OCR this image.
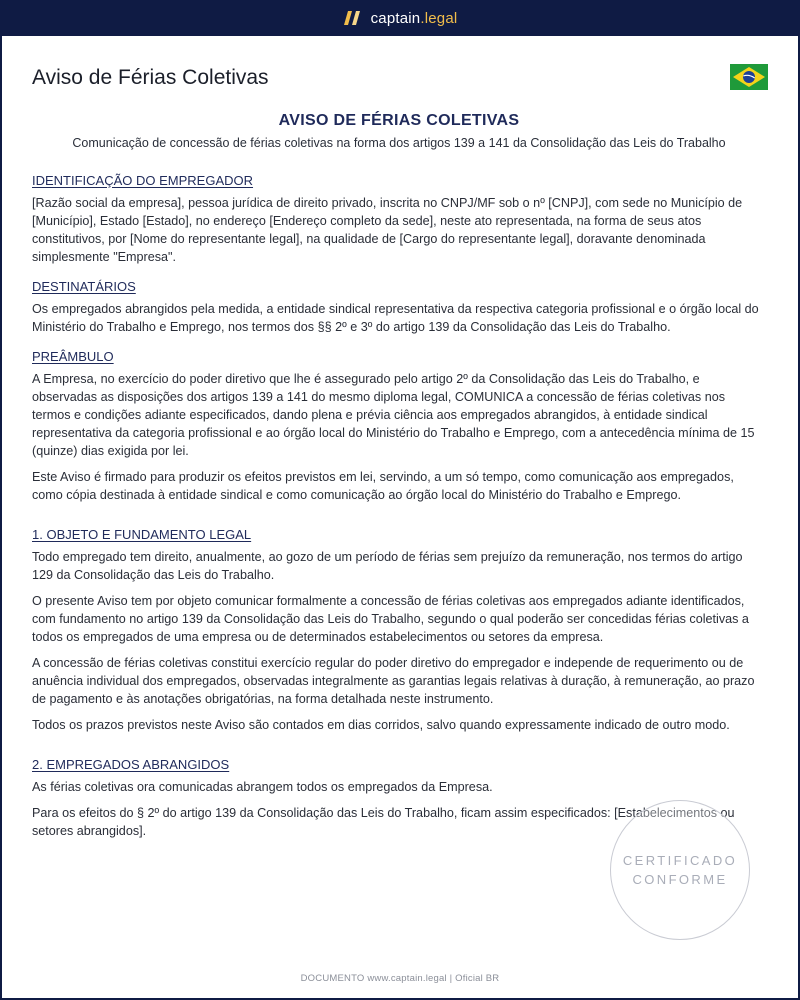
captain.legal
Aviso de Férias Coletivas
AVISO DE FÉRIAS COLETIVAS

Comunicação de concessão de férias coletivas na forma dos artigos 139 a 141 da Consolidação das Leis do Trabalho

IDENTIFICAÇÃO DO EMPREGADOR

[Razão social da empresa], pessoa jurídica de direito privado, inscrita no CNPJ/MF sob o nº [CNPJ], com sede no Município de [Município], Estado [Estado], no endereço [Endereço completo da sede], neste ato representada, na forma de seus atos constitutivos, por [Nome do representante legal], na qualidade de [Cargo do representante legal], doravante denominada simplesmente "Empresa".

DESTINATÁRIOS

Os empregados abrangidos pela medida, a entidade sindical representativa da respectiva categoria profissional e o órgão local do Ministério do Trabalho e Emprego, nos termos dos §§ 2º e 3º do artigo 139 da Consolidação das Leis do Trabalho.

PREÂMBULO

A Empresa, no exercício do poder diretivo que lhe é assegurado pelo artigo 2º da Consolidação das Leis do Trabalho, e observadas as disposições dos artigos 139 a 141 do mesmo diploma legal, COMUNICA a concessão de férias coletivas nos termos e condições adiante especificados, dando plena e prévia ciência aos empregados abrangidos, à entidade sindical representativa da categoria profissional e ao órgão local do Ministério do Trabalho e Emprego, com a antecedência mínima de 15 (quinze) dias exigida por lei.

Este Aviso é firmado para produzir os efeitos previstos em lei, servindo, a um só tempo, como comunicação aos empregados, como cópia destinada à entidade sindical e como comunicação ao órgão local do Ministério do Trabalho e Emprego.

1. OBJETO E FUNDAMENTO LEGAL

Todo empregado tem direito, anualmente, ao gozo de um período de férias sem prejuízo da remuneração, nos termos do artigo 129 da Consolidação das Leis do Trabalho.

O presente Aviso tem por objeto comunicar formalmente a concessão de férias coletivas aos empregados adiante identificados, com fundamento no artigo 139 da Consolidação das Leis do Trabalho, segundo o qual poderão ser concedidas férias coletivas a todos os empregados de uma empresa ou de determinados estabelecimentos ou setores da empresa.

A concessão de férias coletivas constitui exercício regular do poder diretivo do empregador e independe de requerimento ou de anuência individual dos empregados, observadas integralmente as garantias legais relativas à duração, à remuneração, ao prazo de pagamento e às anotações obrigatórias, na forma detalhada neste instrumento.

Todos os prazos previstos neste Aviso são contados em dias corridos, salvo quando expressamente indicado de outro modo.

2. EMPREGADOS ABRANGIDOS

As férias coletivas ora comunicadas abrangem todos os empregados da Empresa.

Para os efeitos do § 2º do artigo 139 da Consolidação das Leis do Trabalho, ficam assim especificados: [Estabelecimentos ou setores abrangidos].

CERTIFICADO
CONFORME
DOCUMENTO www.captain.legal | Oficial BR
